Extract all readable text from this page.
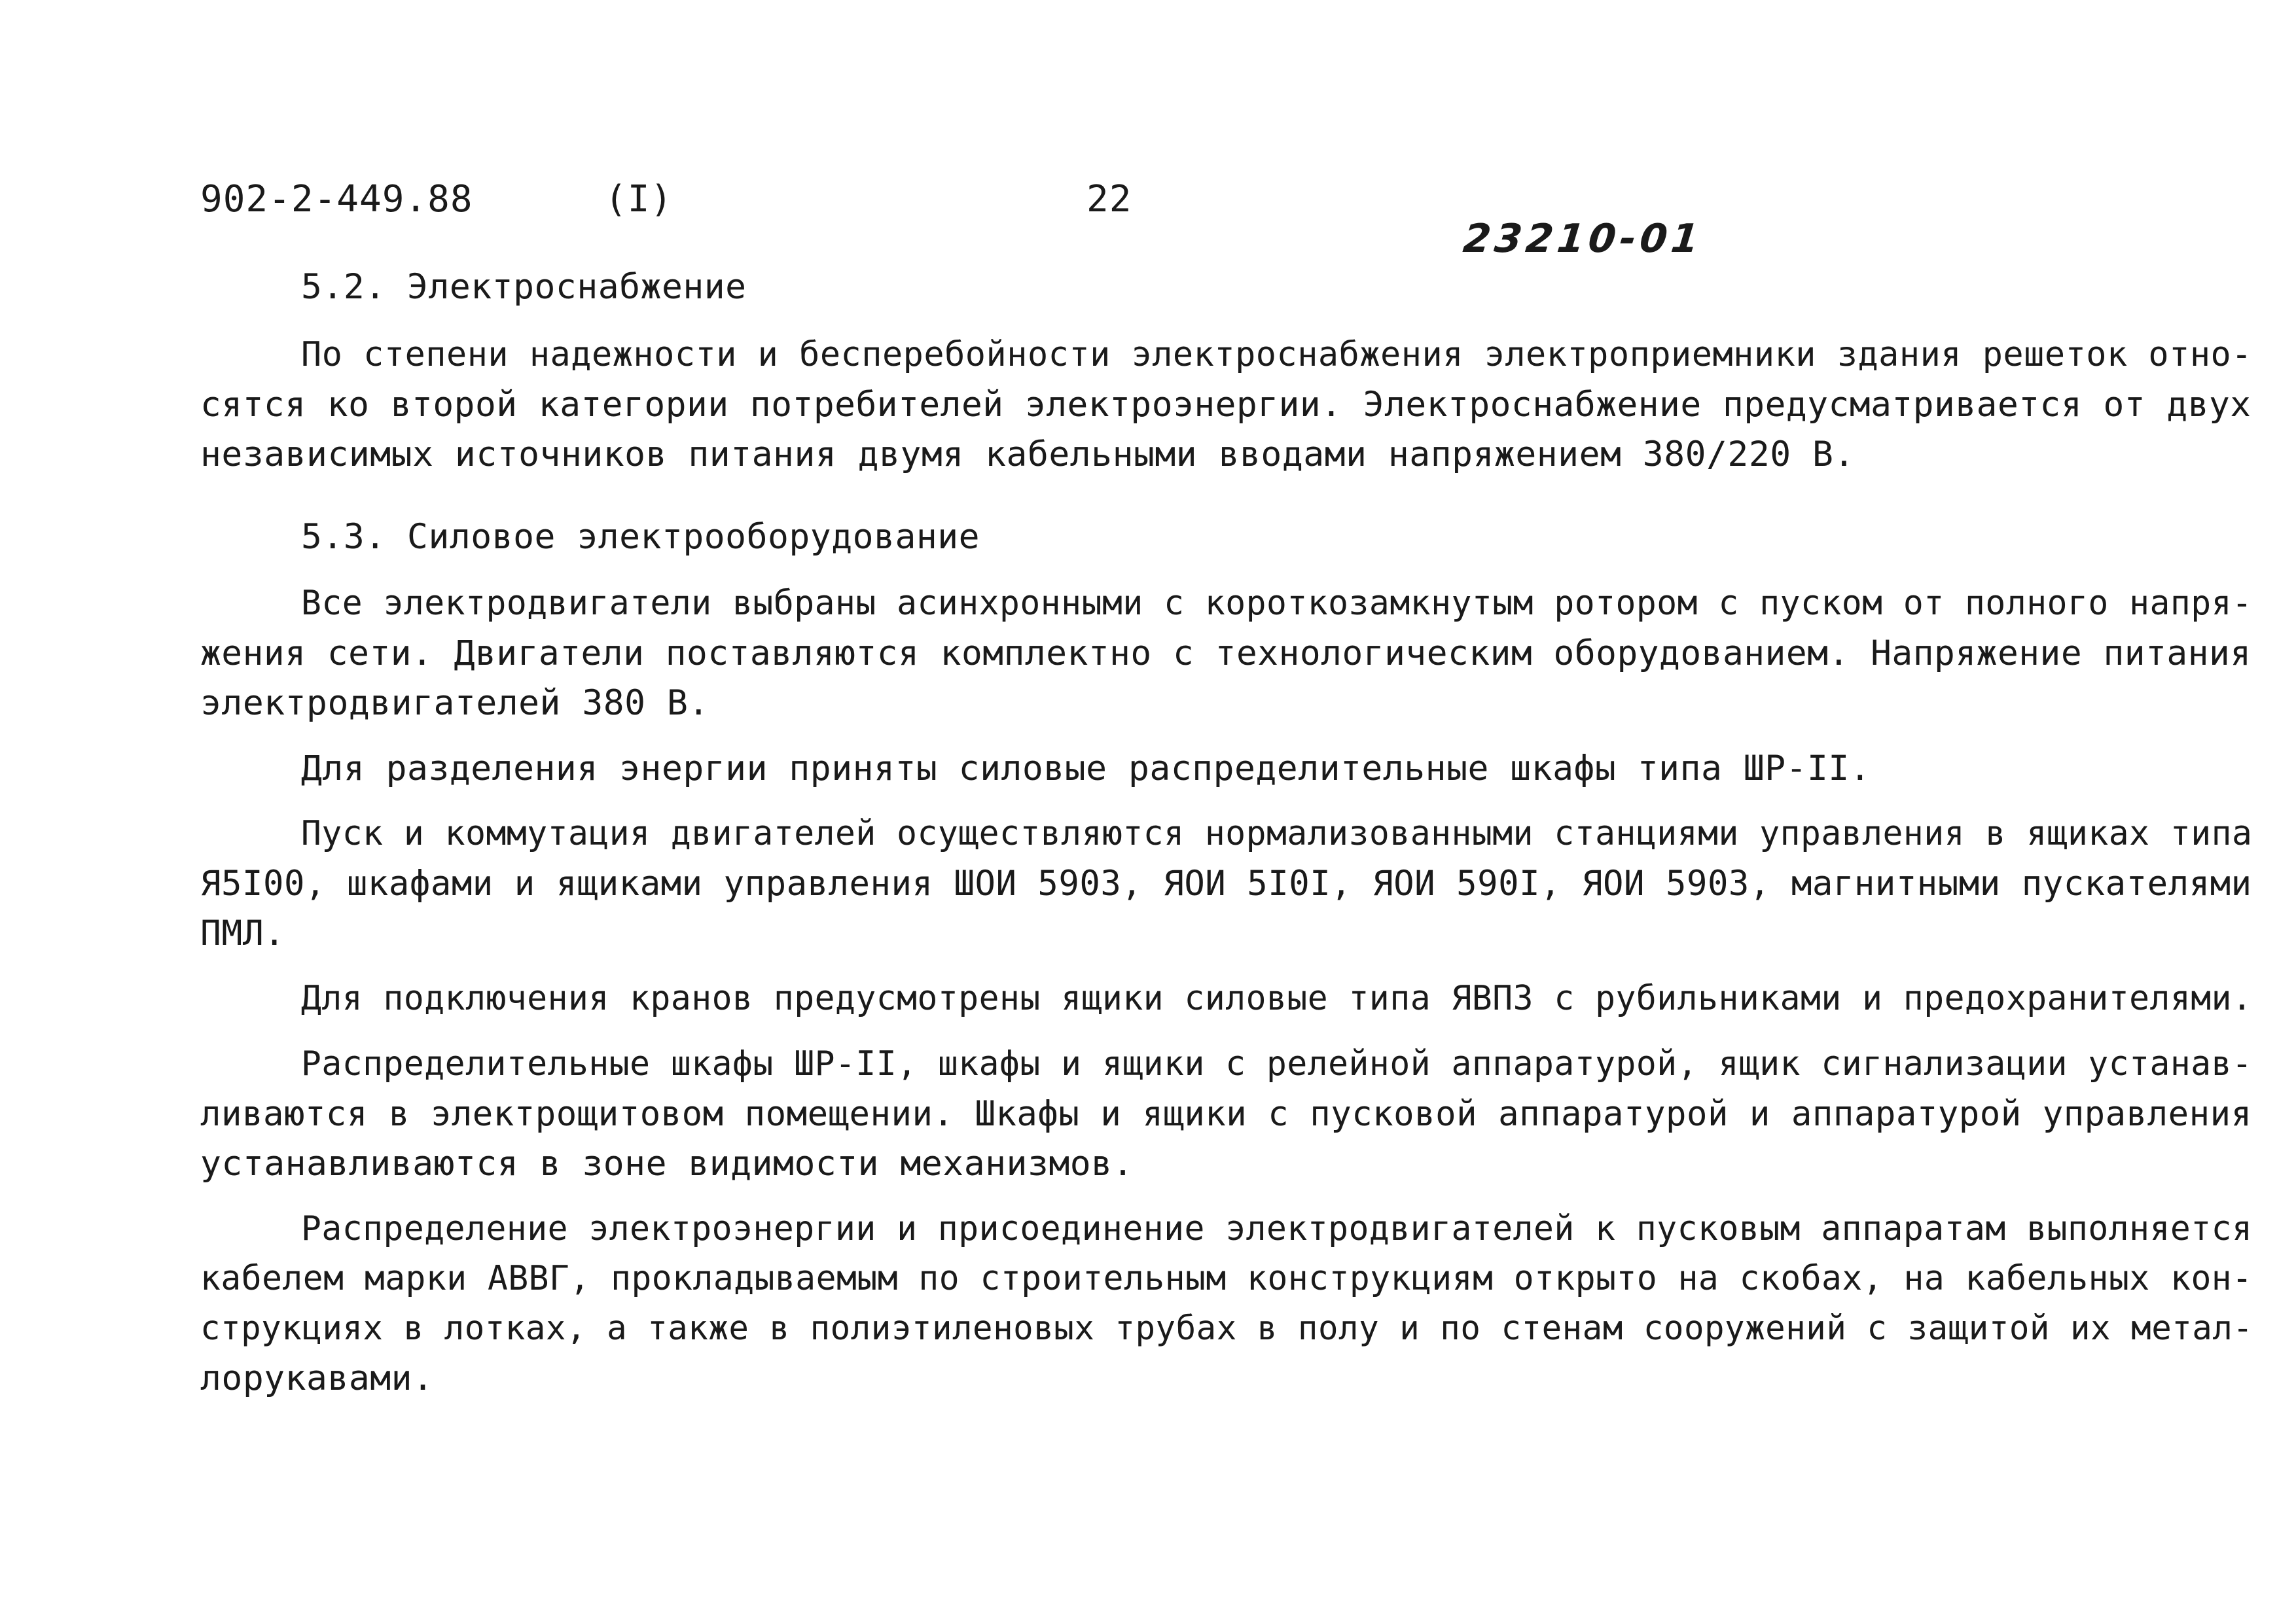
902-2-449.88	(I)	22
23210-01
5.2. Электроснабжение
По степени надежности и бесперебойности электроснабжения электроприемники здания решеток отно-
сятся ко второй категории потребителей электроэнергии. Электроснабжение предусматривается от двух
независимых источников питания двумя кабельными вводами напряжением 380/220 В.
5.3. Силовое электрооборудование
Все электродвигатели выбраны асинхронными с короткозамкнутым ротором с пуском от полного напря-
жения сети. Двигатели поставляются комплектно с технологическим оборудованием. Напряжение питания
электродвигателей 380 В.
Для разделения энергии приняты силовые распределительные шкафы типа ШР-II.
Пуск и коммутация двигателей осуществляются нормализованными станциями управления в ящиках типа
Я5I00, шкафами и ящиками управления ШОИ 5903, ЯОИ 5I0I, ЯОИ 590I, ЯОИ 5903, магнитными пускателями
ПМЛ.
Для подключения кранов предусмотрены ящики силовые типа ЯВПЗ с рубильниками и предохранителями.
Распределительные шкафы ШР-II, шкафы и ящики с релейной аппаратурой, ящик сигнализации устанав-
ливаются в электрощитовом помещении. Шкафы и ящики с пусковой аппаратурой и аппаратурой управления
устанавливаются в зоне видимости механизмов.
Распределение электроэнергии и присоединение электродвигателей к пусковым аппаратам выполняется
кабелем марки АВВГ, прокладываемым по строительным конструкциям открыто на скобах, на кабельных кон-
струкциях в лотках, а также в полиэтиленовых трубах в полу и по стенам сооружений с защитой их метал-
лорукавами.
